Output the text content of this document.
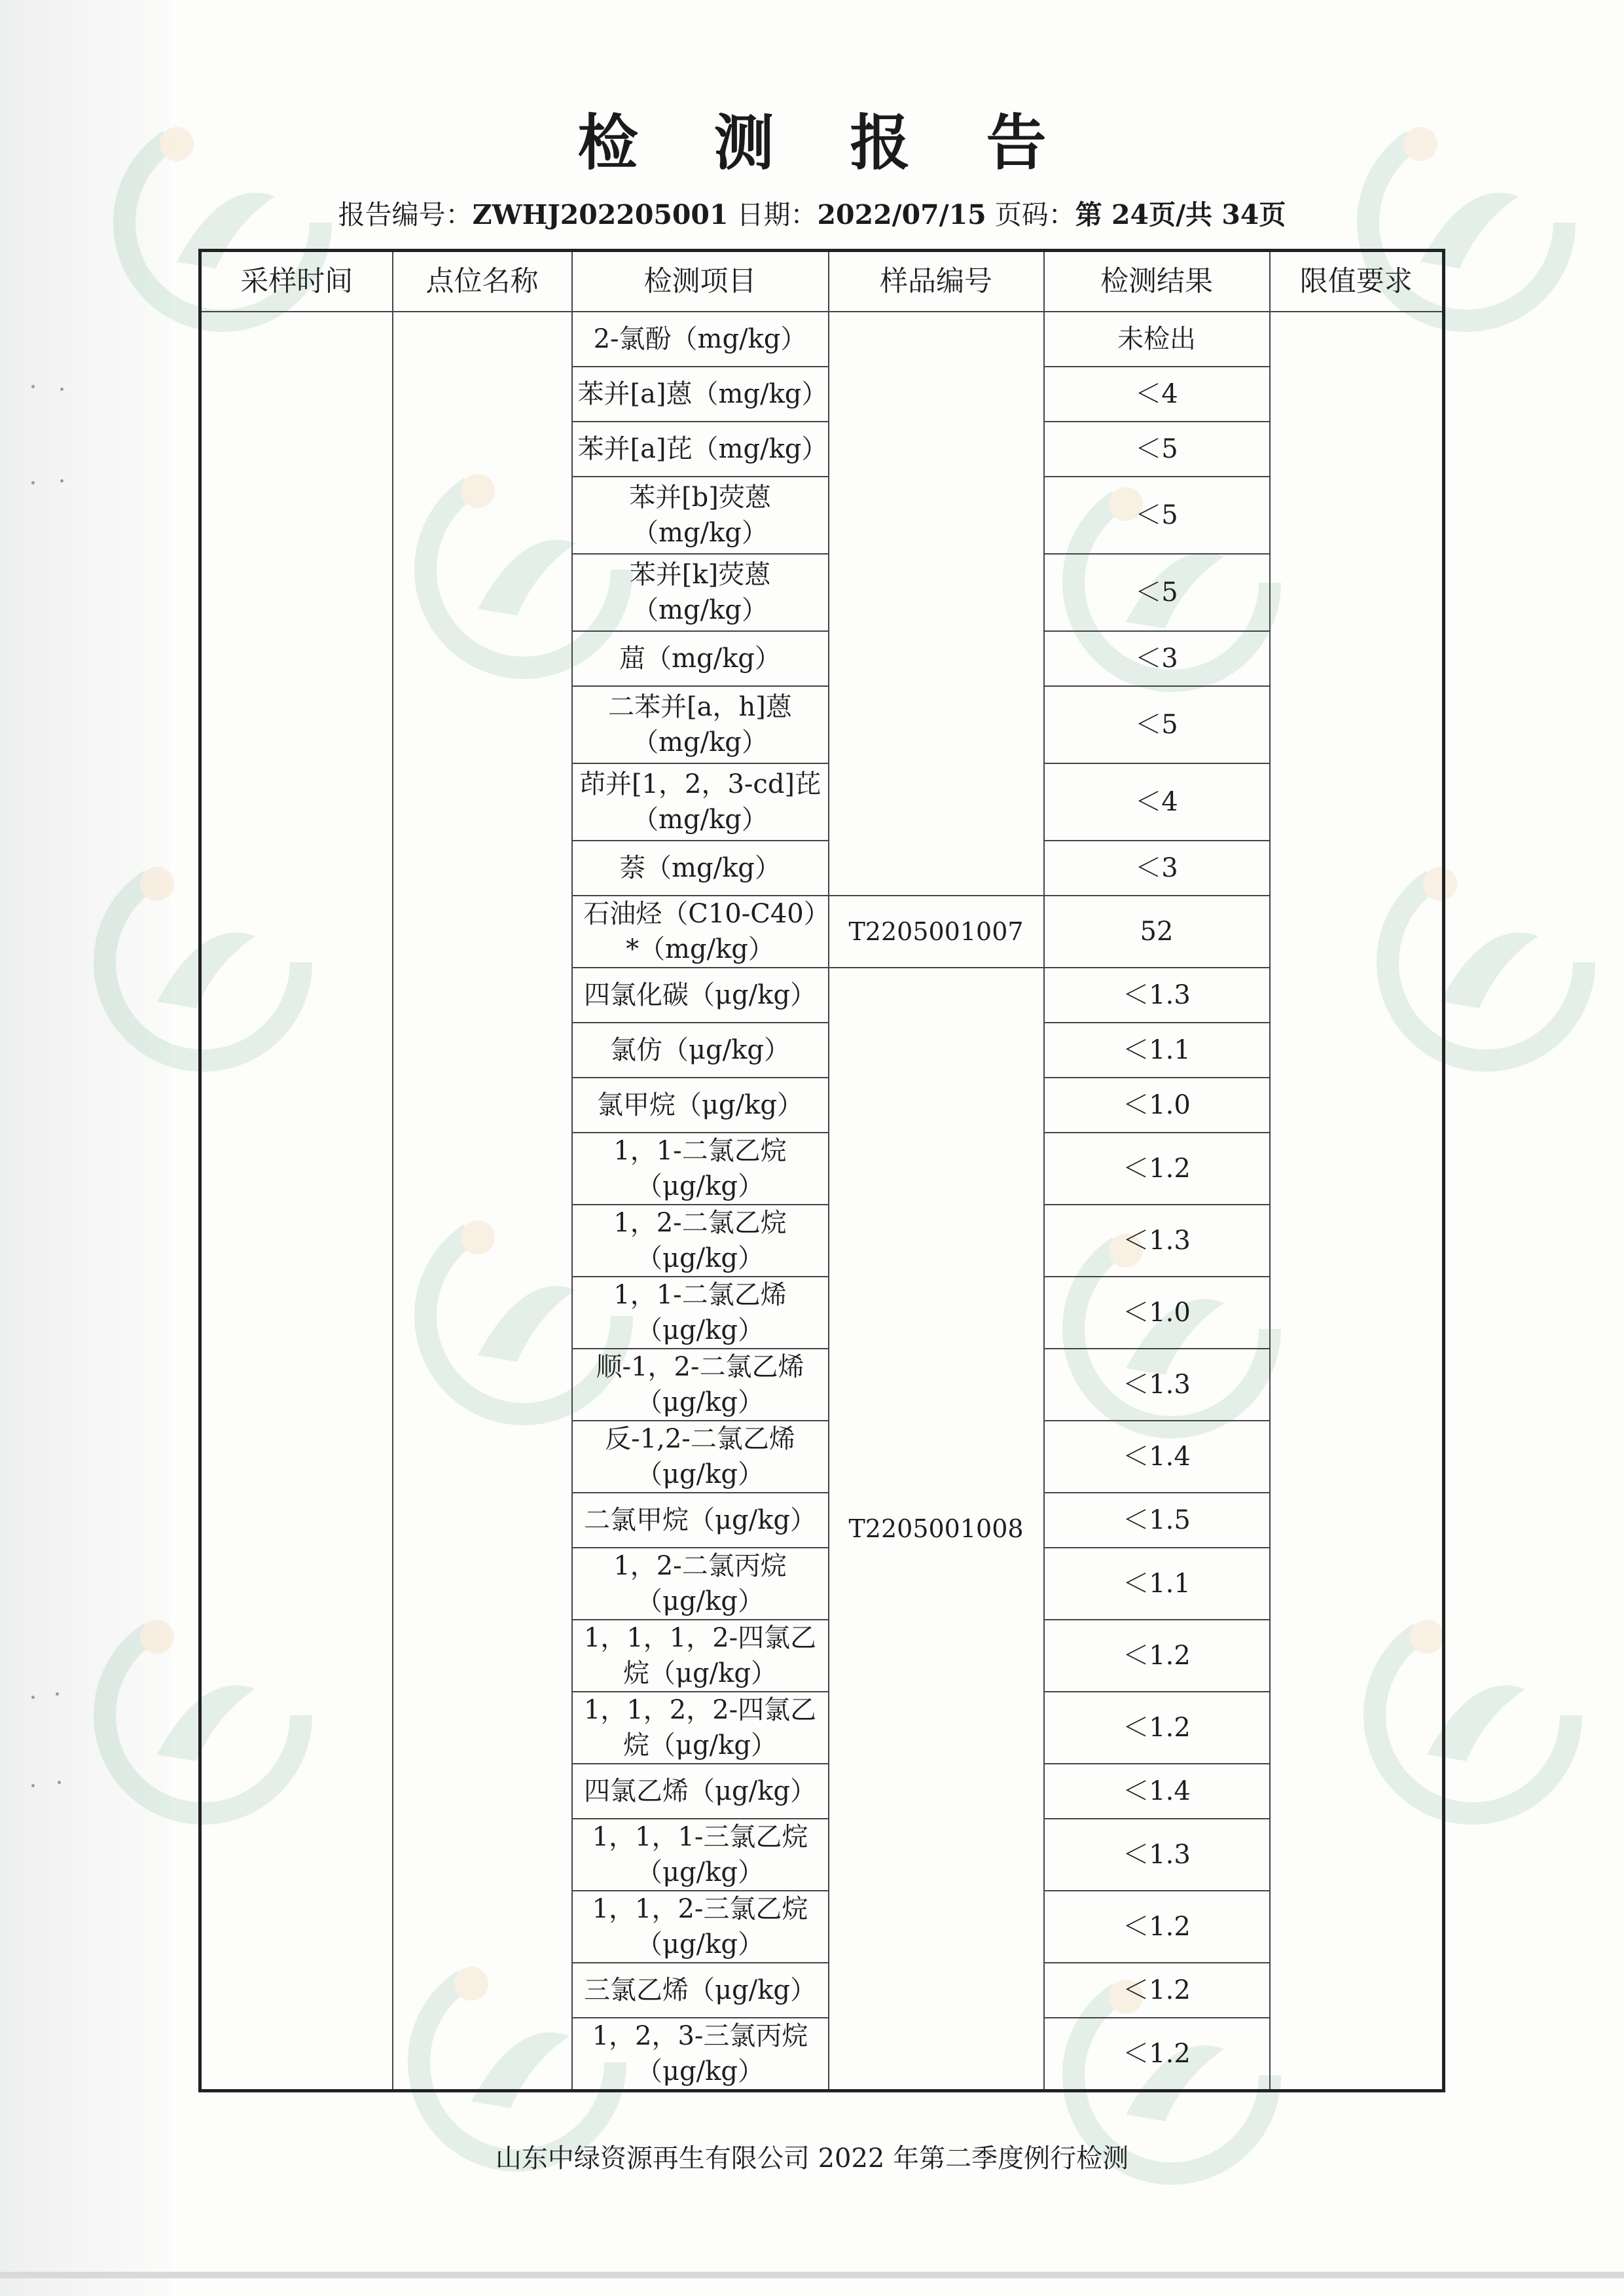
检 测 报 告
报告编号：ZWHJ202205001 日期：2022/07/15 页码：第 24页/共 34页
采样时间	点位名称	检测项目	样品编号	检测结果	限值要求
		2-氯酚（mg/kg）		未检出	
		苯并[a]蒽（mg/kg）		＜4	
		苯并[a]芘（mg/kg）		＜5	
		苯并[b]荧蒽（mg/kg）		＜5	
		苯并[k]荧蒽（mg/kg）		＜5	
		䓛（mg/kg）		＜3	
		二苯并[a，h]蒽（mg/kg）		＜5	
		茚并[1，2，3-cd]芘（mg/kg）		＜4	
		萘（mg/kg）		＜3	
		石油烃（C10-C40）*（mg/kg）	T2205001007	52	
		四氯化碳（μg/kg）	T2205001008	＜1.3	
		氯仿（μg/kg）		＜1.1	
		氯甲烷（μg/kg）		＜1.0	
		1，1-二氯乙烷（μg/kg）		＜1.2	
		1，2-二氯乙烷（μg/kg）		＜1.3	
		1，1-二氯乙烯（μg/kg）		＜1.0	
		顺-1，2-二氯乙烯（μg/kg）		＜1.3	
		反-1,2-二氯乙烯（μg/kg）		＜1.4	
		二氯甲烷（μg/kg）		＜1.5	
		1，2-二氯丙烷（μg/kg）		＜1.1	
		1，1，1，2-四氯乙烷（μg/kg）		＜1.2	
		1，1，2，2-四氯乙烷（μg/kg）		＜1.2	
		四氯乙烯（μg/kg）		＜1.4	
		1，1，1-三氯乙烷（μg/kg）		＜1.3	
		1，1，2-三氯乙烷（μg/kg）		＜1.2	
		三氯乙烯（μg/kg）		＜1.2	
		1，2，3-三氯丙烷（μg/kg）		＜1.2	
山东中绿资源再生有限公司 2022 年第二季度例行检测
